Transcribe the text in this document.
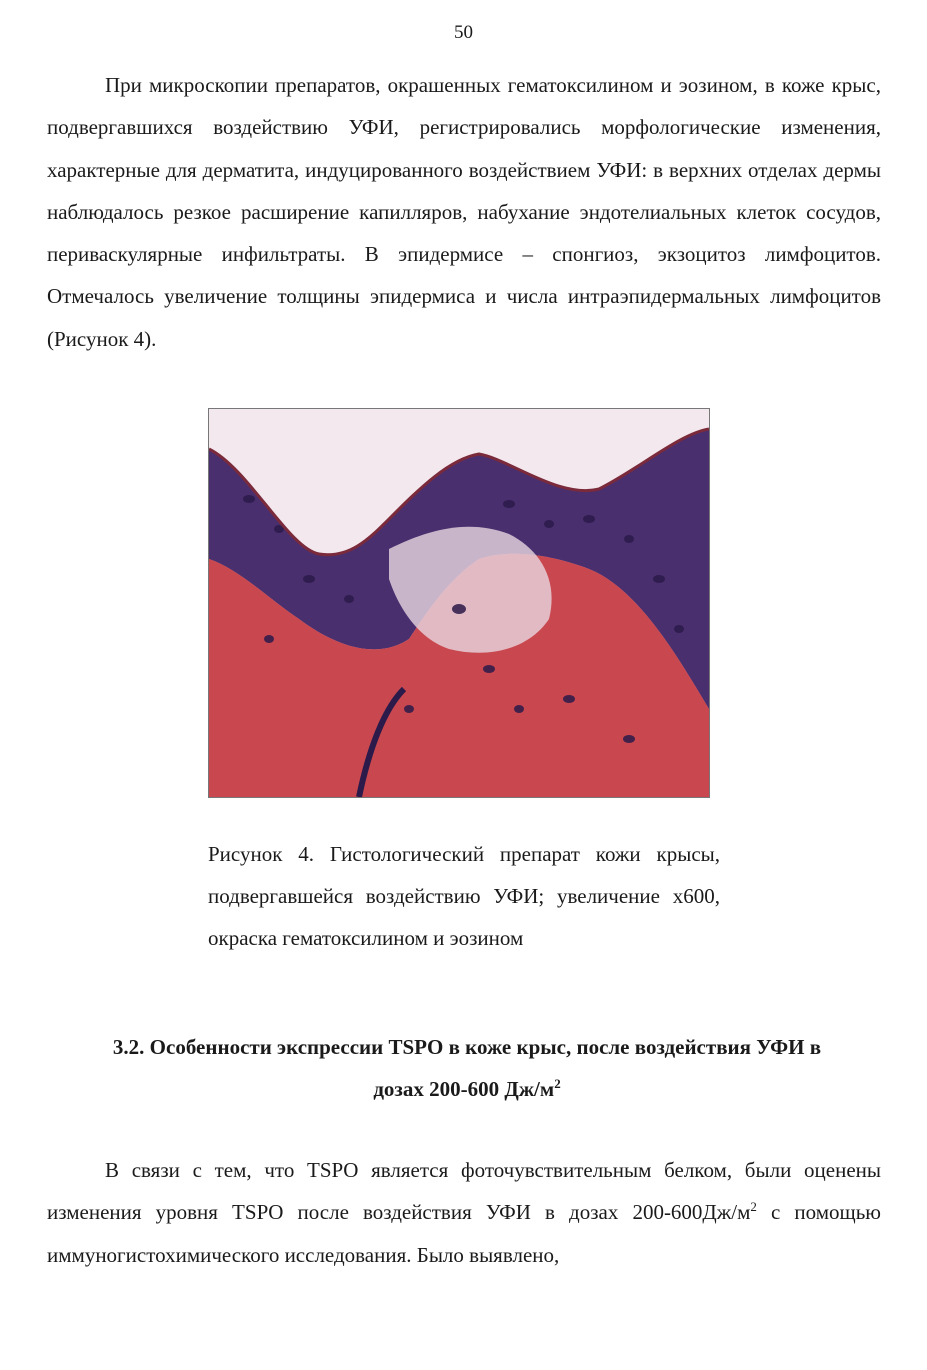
50
При микроскопии препаратов, окрашенных гематоксилином и эозином, в коже крыс, подвергавшихся воздействию УФИ, регистрировались морфологические изменения, характерные для дерматита, индуцированного воздействием УФИ: в верхних отделах дермы наблюдалось резкое расширение капилляров, набухание эндотелиальных клеток сосудов, периваскулярные инфильтраты. В эпидермисе – спонгиоз, экзоцитоз лимфоцитов. Отмечалось увеличение толщины эпидермиса и числа интраэпидермальных лимфоцитов (Рисунок 4).
Рисунок 4. Гистологический препарат кожи крысы, подвергавшейся воздействию УФИ; увеличение х600, окраска гематоксилином и эозином
3.2. Особенности экспрессии TSPO в коже крыс, после воздействия УФИ в
дозах 200-600 $Дж/м^2$
В связи с тем, что TSPO является фоточувствительным белком, были оценены изменения уровня TSPO после воздействия УФИ в дозах $200-600Дж/м^2$ с помощью иммуногистохимического исследования. Было выявлено,
